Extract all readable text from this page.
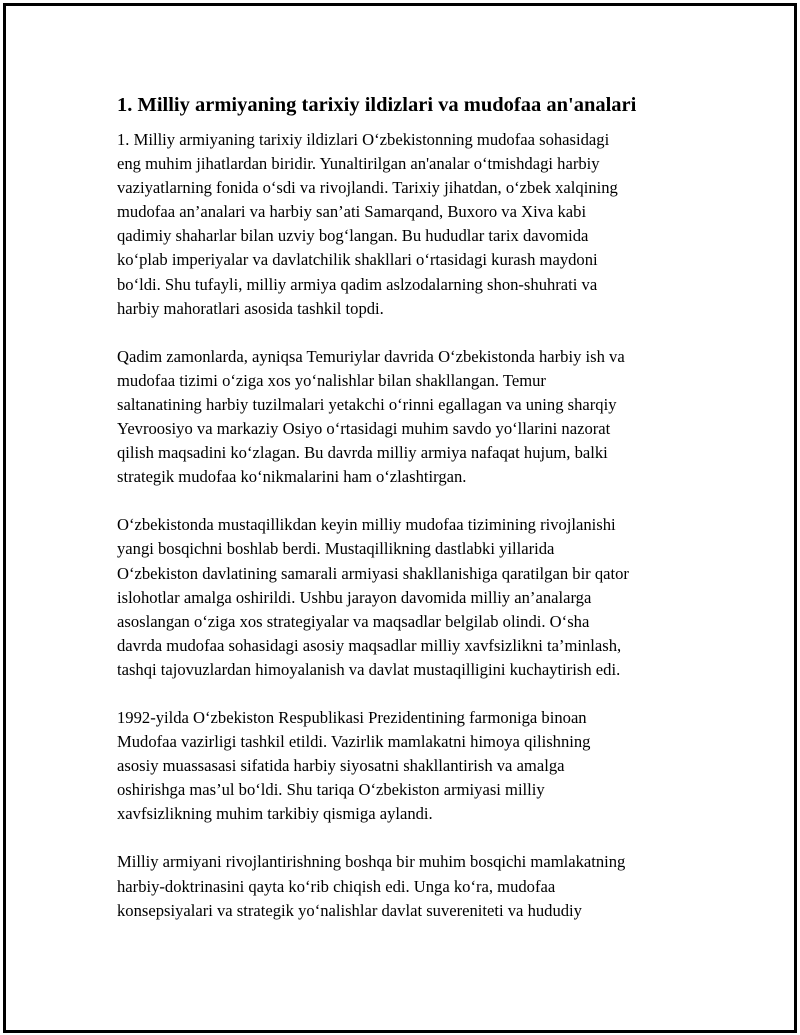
1. Milliy armiyaning tarixiy ildizlari va mudofaa an'analari
1. Milliy armiyaning tarixiy ildizlari O‘zbekistonning mudofaa sohasidagi
eng muhim jihatlardan biridir. Yunaltirilgan an'analar o‘tmishdagi harbiy
vaziyatlarning fonida o‘sdi va rivojlandi. Tarixiy jihatdan, o‘zbek xalqining
mudofaa an’analari va harbiy san’ati Samarqand, Buxoro va Xiva kabi
qadimiy shaharlar bilan uzviy bog‘langan. Bu hududlar tarix davomida
ko‘plab imperiyalar va davlatchilik shakllari o‘rtasidagi kurash maydoni
bo‘ldi. Shu tufayli, milliy armiya qadim aslzodalarning shon-shuhrati va
harbiy mahoratlari asosida tashkil topdi.
Qadim zamonlarda, ayniqsa Temuriylar davrida O‘zbekistonda harbiy ish va
mudofaa tizimi o‘ziga xos yo‘nalishlar bilan shakllangan. Temur
saltanatining harbiy tuzilmalari yetakchi o‘rinni egallagan va uning sharqiy
Yevroosiyo va markaziy Osiyo o‘rtasidagi muhim savdo yo‘llarini nazorat
qilish maqsadini ko‘zlagan. Bu davrda milliy armiya nafaqat hujum, balki
strategik mudofaa ko‘nikmalarini ham o‘zlashtirgan.
O‘zbekistonda mustaqillikdan keyin milliy mudofaa tizimining rivojlanishi
yangi bosqichni boshlab berdi. Mustaqillikning dastlabki yillarida
O‘zbekiston davlatining samarali armiyasi shakllanishiga qaratilgan bir qator
islohotlar amalga oshirildi. Ushbu jarayon davomida milliy an’analarga
asoslangan o‘ziga xos strategiyalar va maqsadlar belgilab olindi. O‘sha
davrda mudofaa sohasidagi asosiy maqsadlar milliy xavfsizlikni ta’minlash,
tashqi tajovuzlardan himoyalanish va davlat mustaqilligini kuchaytirish edi.
1992-yilda O‘zbekiston Respublikasi Prezidentining farmoniga binoan
Mudofaa vazirligi tashkil etildi. Vazirlik mamlakatni himoya qilishning
asosiy muassasasi sifatida harbiy siyosatni shakllantirish va amalga
oshirishga mas’ul bo‘ldi. Shu tariqa O‘zbekiston armiyasi milliy
xavfsizlikning muhim tarkibiy qismiga aylandi.
Milliy armiyani rivojlantirishning boshqa bir muhim bosqichi mamlakatning
harbiy-doktrinasini qayta ko‘rib chiqish edi. Unga ko‘ra, mudofaa
konsepsiyalari va strategik yo‘nalishlar davlat suvereniteti va hududiy
